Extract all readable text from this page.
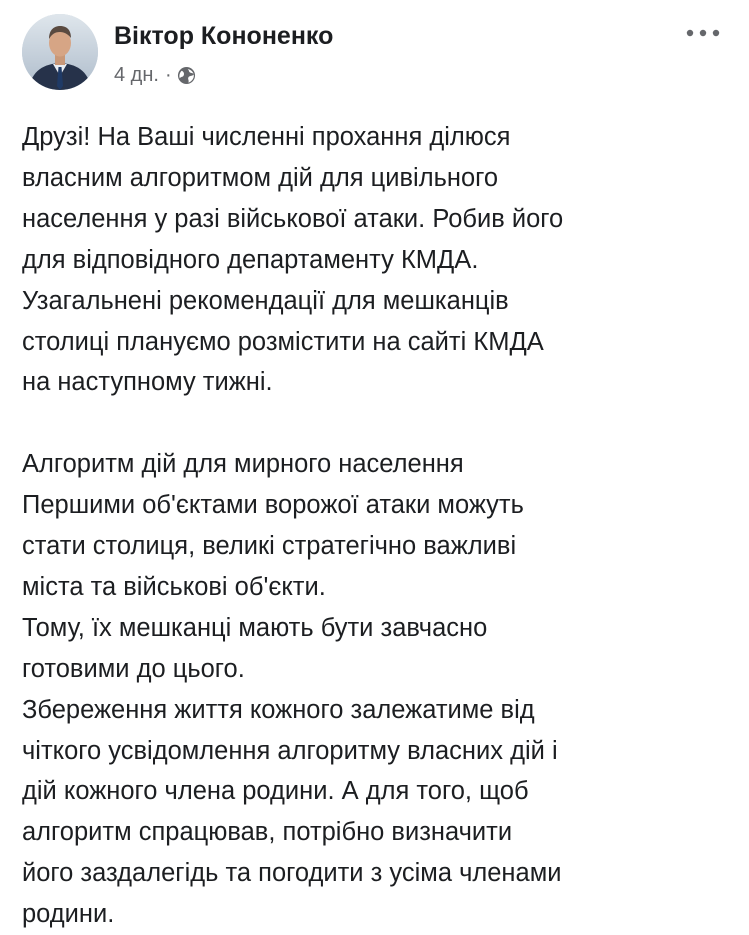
Віктор Кононенко
4 дн. ·

Друзі! На Ваші численні прохання ділюся

власним алгоритмом дій для цивільного

населення у разі військової атаки. Робив його

для відповідного департаменту КМДА.

Узагальнені рекомендації для мешканців

столиці плануємо розмістити на сайті КМДА

на наступному тижні.

Алгоритм дій для мирного населення

Першими об'єктами ворожої атаки можуть

стати столиця, великі стратегічно важливі

міста та військові об'єкти.

Тому, їх мешканці мають бути завчасно

готовими до цього.

Збереження життя кожного залежатиме від

чіткого усвідомлення алгоритму власних дій і

дій кожного члена родини. А для того, щоб

алгоритм спрацював, потрібно визначити

його заздалегідь та погодити з усіма членами

родини.
